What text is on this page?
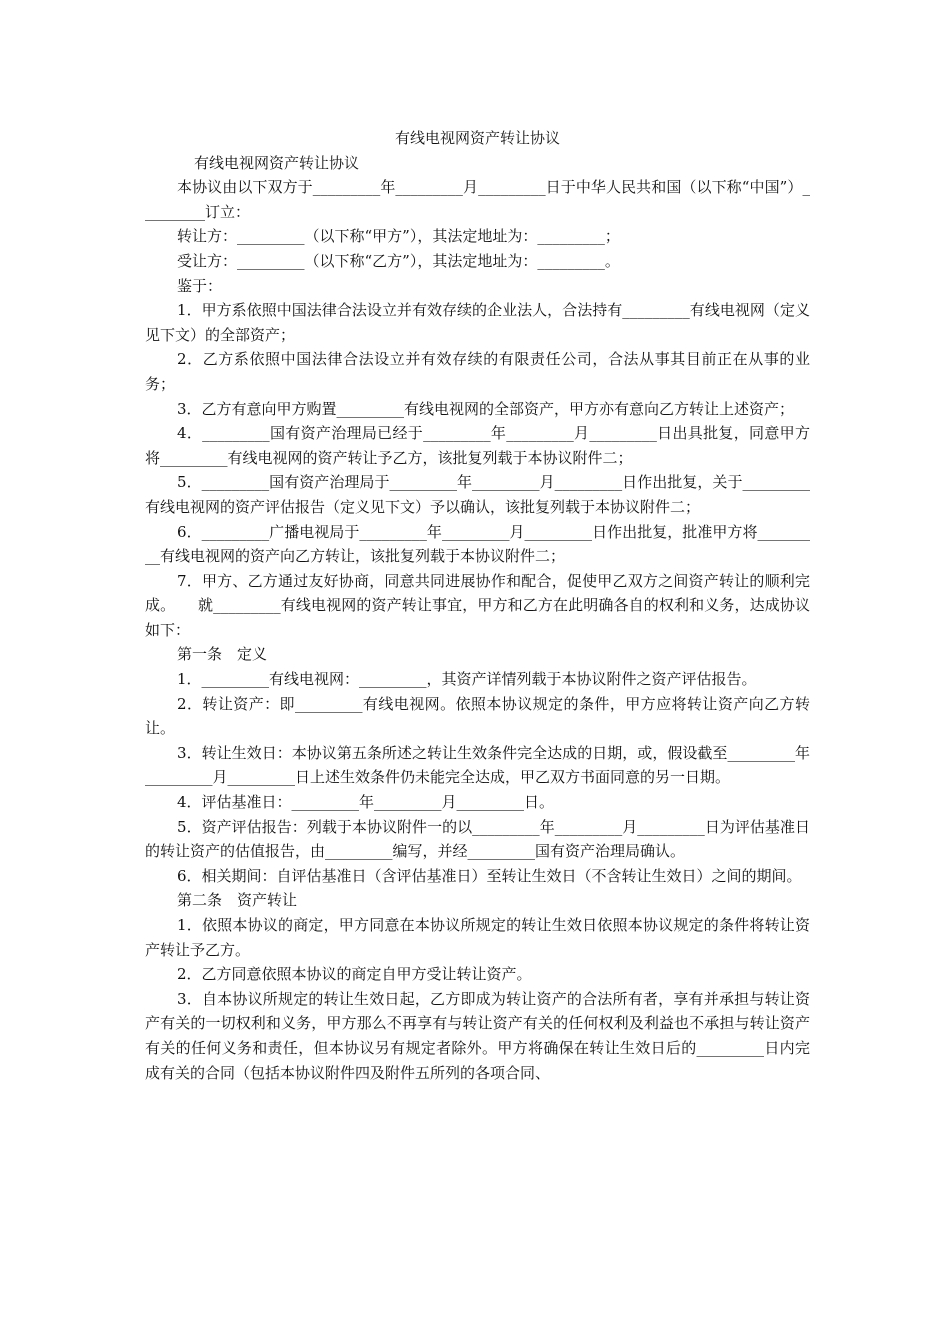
有线电视网资产转让协议

有线电视网资产转让协议

本协议由以下双方于_________年_________月_________日于中华人民共和国（以下称“中国”）_________订立：

转让方：_________（以下称“甲方”），其法定地址为：_________；

受让方：_________（以下称“乙方”），其法定地址为：_________。

鉴于：

1．甲方系依照中国法律合法设立并有效存续的企业法人，合法持有_________有线电视网（定义见下文）的全部资产；

2．乙方系依照中国法律合法设立并有效存续的有限责任公司，合法从事其目前正在从事的业务；

3．乙方有意向甲方购置_________有线电视网的全部资产，甲方亦有意向乙方转让上述资产；

4．_________国有资产治理局已经于_________年_________月_________日出具批复，同意甲方将_________有线电视网的资产转让予乙方，该批复列载于本协议附件二；

5．_________国有资产治理局于_________年_________月_________日作出批复，关于_________有线电视网的资产评估报告（定义见下文）予以确认，该批复列载于本协议附件二；

6．_________广播电视局于_________年_________月_________日作出批复，批准甲方将_________有线电视网的资产向乙方转让，该批复列载于本协议附件二；

7．甲方、乙方通过友好协商，同意共同进展协作和配合，促使甲乙双方之间资产转让的顺利完成。　　就_________有线电视网的资产转让事宜，甲方和乙方在此明确各自的权利和义务，达成协议如下：

第一条　定义

1．_________有线电视网：_________，其资产详情列载于本协议附件之资产评估报告。

2．转让资产：即_________有线电视网。依照本协议规定的条件，甲方应将转让资产向乙方转让。

3．转让生效日：本协议第五条所述之转让生效条件完全达成的日期，或，假设截至_________年_________月_________日上述生效条件仍未能完全达成，甲乙双方书面同意的另一日期。

4．评估基准日：_________年_________月_________日。

5．资产评估报告：列载于本协议附件一的以_________年_________月_________日为评估基准日的转让资产的估值报告，由_________编写，并经_________国有资产治理局确认。

6．相关期间：自评估基准日（含评估基准日）至转让生效日（不含转让生效日）之间的期间。

第二条　资产转让

1．依照本协议的商定，甲方同意在本协议所规定的转让生效日依照本协议规定的条件将转让资产转让予乙方。

2．乙方同意依照本协议的商定自甲方受让转让资产。

3．自本协议所规定的转让生效日起，乙方即成为转让资产的合法所有者，享有并承担与转让资产有关的一切权利和义务，甲方那么不再享有与转让资产有关的任何权利及利益也不承担与转让资产有关的任何义务和责任，但本协议另有规定者除外。甲方将确保在转让生效日后的_________日内完成有关的合同（包括本协议附件四及附件五所列的各项合同、
